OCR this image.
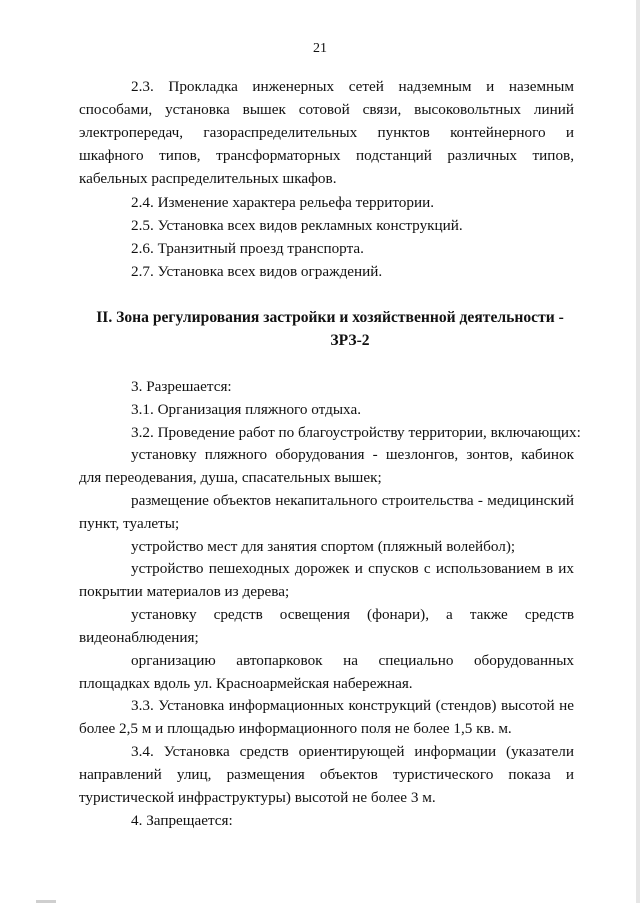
21
2.3. Прокладка инженерных сетей надземным и наземным
способами, установка вышек сотовой связи, высоковольтных линий
электропередач, газораспределительных пунктов контейнерного и
шкафного типов, трансформаторных подстанций различных типов,
кабельных распределительных шкафов.
2.4. Изменение характера рельефа территории.
2.5. Установка всех видов рекламных конструкций.
2.6. Транзитный проезд транспорта.
2.7. Установка всех видов ограждений.
II. Зона регулирования застройки и хозяйственной деятельности -
ЗРЗ-2
3. Разрешается:
3.1. Организация пляжного отдыха.
3.2. Проведение работ по благоустройству территории, включающих:
установку пляжного оборудования - шезлонгов, зонтов, кабинок
для переодевания, душа, спасательных вышек;
размещение объектов некапитального строительства - медицинский
пункт, туалеты;
устройство мест для занятия спортом (пляжный волейбол);
устройство пешеходных дорожек и спусков с использованием в их
покрытии материалов из дерева;
установку средств освещения (фонари), а также средств
видеонаблюдения;
организацию автопарковок на специально оборудованных
площадках вдоль ул. Красноармейская набережная.
3.3. Установка информационных конструкций (стендов) высотой не
более 2,5 м и площадью информационного поля не более 1,5 кв. м.
3.4. Установка средств ориентирующей информации (указатели
направлений улиц, размещения объектов туристического показа и
туристической инфраструктуры) высотой не более 3 м.
4. Запрещается:
